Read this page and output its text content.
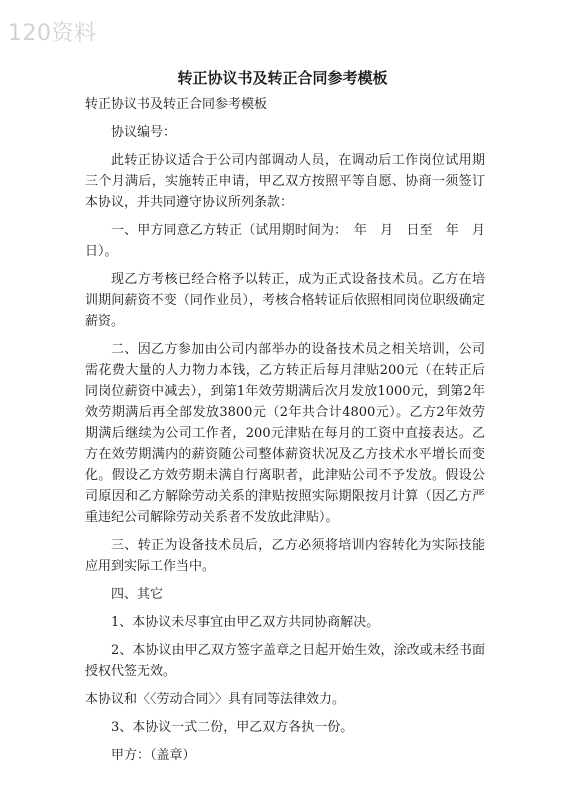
120资料
转正协议书及转正合同参考模板

转正协议书及转正合同参考模板

协议编号：

此转正协议适合于公司内部调动人员，在调动后工作岗位试用期三个月满后，实施转正申请，甲乙双方按照平等自愿、协商一须签订本协议，并共同遵守协议所列条款：

一、甲方同意乙方转正（试用期时间为：　年　月　日至　年　月日）。

现乙方考核已经合格予以转正，成为正式设备技术员。乙方在培训期间薪资不变（同作业员），考核合格转证后依照相同岗位职级确定薪资。

二、因乙方参加由公司内部举办的设备技术员之相关培训，公司需花费大量的人力物力本钱，乙方转正后每月津贴200元（在转正后同岗位薪资中减去），到第1年效劳期满后次月发放1000元，到第2年效劳期满后再全部发放3800元（2年共合计4800元）。乙方2年效劳期满后继续为公司工作者，200元津贴在每月的工资中直接表达。乙方在效劳期满内的薪资随公司整体薪资状况及乙方技术水平增长而变化。假设乙方效劳期未满自行离职者，此津贴公司不予发放。假设公司原因和乙方解除劳动关系的津贴按照实际期限按月计算（因乙方严重违纪公司解除劳动关系者不发放此津贴）。

三、转正为设备技术员后，乙方必须将培训内容转化为实际技能应用到实际工作当中。

四、其它

1、本协议未尽事宜由甲乙双方共同协商解决。

2、本协议由甲乙双方签字盖章之日起开始生效，涂改或未经书面授权代签无效。

本协议和〈〈劳动合同〉〉具有同等法律效力。

3、本协议一式二份，甲乙双方各执一份。

甲方：（盖章）
